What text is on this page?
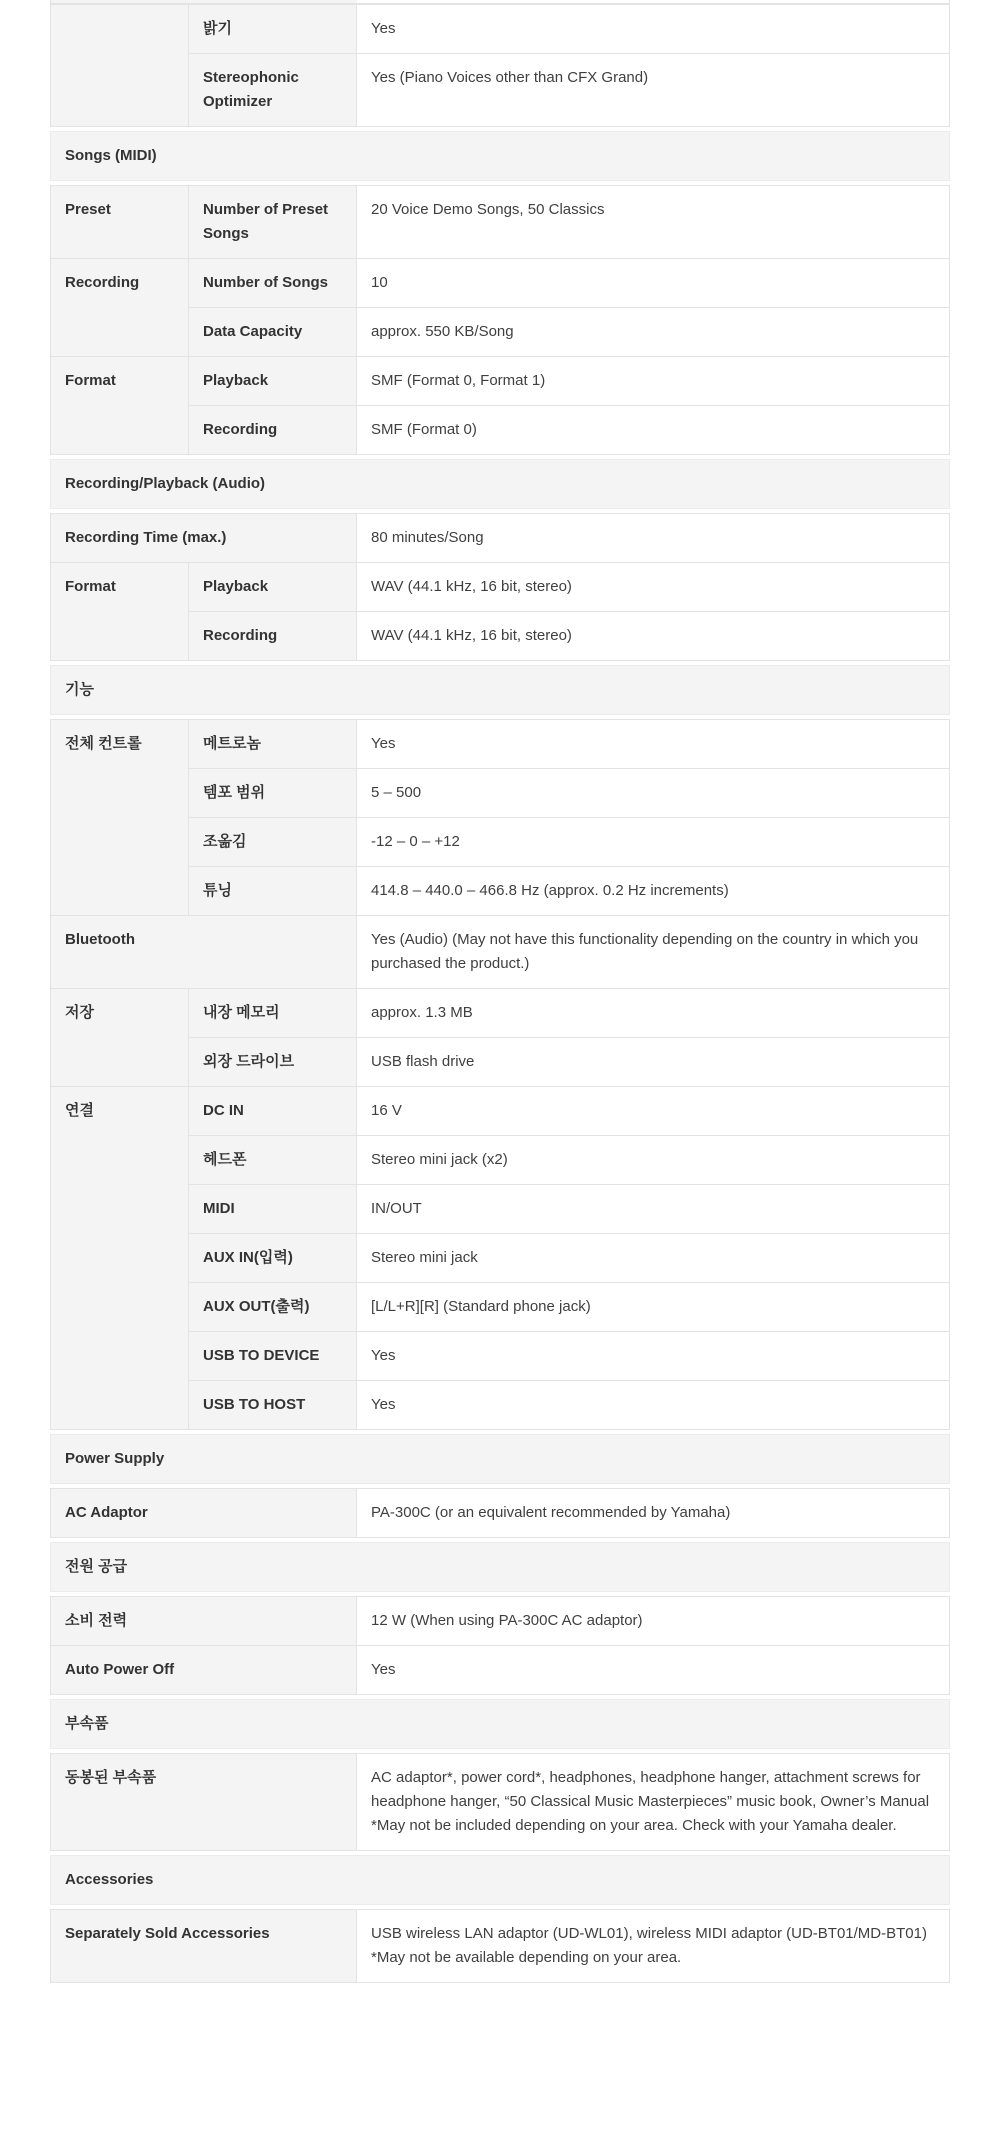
	밝기	Yes
	Stereophonic Optimizer	Yes (Piano Voices other than CFX Grand)
Songs (MIDI)
Preset	Number of Preset Songs	20 Voice Demo Songs, 50 Classics
Recording	Number of Songs	10
	Data Capacity	approx. 550 KB/Song
Format	Playback	SMF (Format 0, Format 1)
	Recording	SMF (Format 0)
Recording/Playback (Audio)
Recording Time (max.)		80 minutes/Song
Format	Playback	WAV (44.1 kHz, 16 bit, stereo)
	Recording	WAV (44.1 kHz, 16 bit, stereo)
기능
전체 컨트롤	메트로놈	Yes
	템포 범위	5 – 500
	조옮김	-12 – 0 – +12
	튜닝	414.8 – 440.0 – 466.8 Hz (approx. 0.2 Hz increments)
Bluetooth		Yes (Audio) (May not have this functionality depending on the country in which you purchased the product.)
저장	내장 메모리	approx. 1.3 MB
	외장 드라이브	USB flash drive
연결	DC IN	16 V
	헤드폰	Stereo mini jack (x2)
	MIDI	IN/OUT
	AUX IN(입력)	Stereo mini jack
	AUX OUT(출력)	[L/L+R][R] (Standard phone jack)
	USB TO DEVICE	Yes
	USB TO HOST	Yes
Power Supply
AC Adaptor	PA-300C (or an equivalent recommended by Yamaha)
전원 공급
소비 전력	12 W (When using PA-300C AC adaptor)
Auto Power Off	Yes
부속품
동봉된 부속품	AC adaptor*, power cord*, headphones, headphone hanger, attachment screws for headphone hanger, “50 Classical Music Masterpieces” music book, Owner’s Manual *May not be included depending on your area. Check with your Yamaha dealer.
Accessories
Separately Sold Accessories	USB wireless LAN adaptor (UD-WL01), wireless MIDI adaptor (UD-BT01/MD-BT01) *May not be available depending on your area.
